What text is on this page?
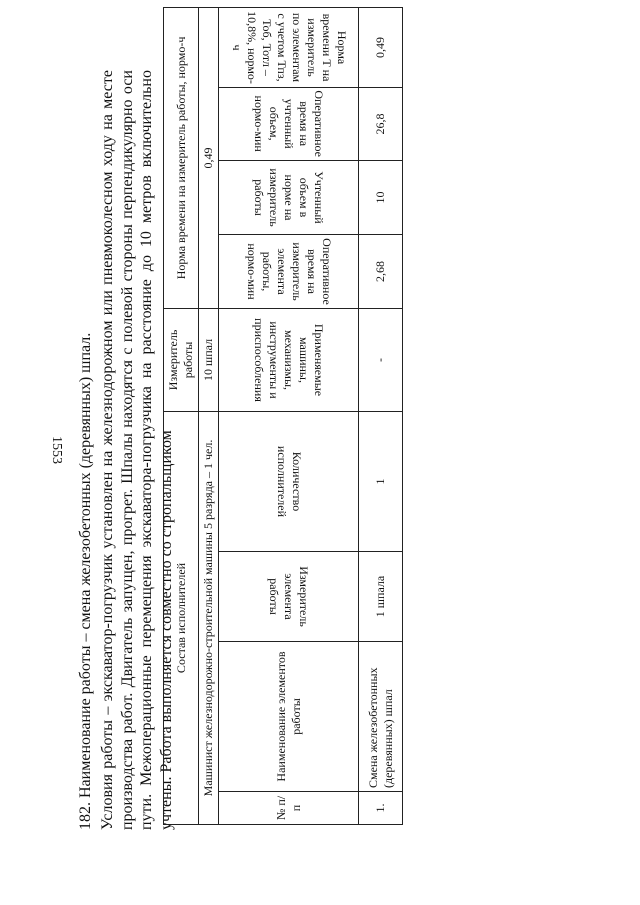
1553 182. Наименование работы – смена железобетонных (деревянных) шпал. Условия работы – экскаватор-погрузчик установлен на железнодорожном или пневмоколесном ходу на месте производства работ. Двигатель запущен, прогрет. Шпалы находятся с полевой стороны перпендикулярно оси пути. Межоперационные перемещения экскаватора-погрузчика на расстояние до 10 метров включительно учтены. Работа выполняется совместно со стропальщиком Состав исполнителей				Измеритель работы	Норма времени на измеритель работы, нормо-ч			
Машинист железнодорожно-строительной машины 5 разряда – 1 чел.				10 шпал	0,49			
№ п/п	Наименование элементов работы	Измеритель элемента работы	Количество исполнителей	Применяемые машины, механизмы, инструменты и приспособления	Оперативное время на измеритель элемента работы, нормо-мин	Учтенный объем в норме на измеритель работы	Оперативное время на учтенный объем, нормо-мин	Норма времени Т на измеритель по элементам с учетом Тпз, Тоб, Тотл – 10,8%, нормо-ч
1.	Смена железобетонных (деревянных) шпал	1 шпала	1	-	2,68	10	26,8	0,49
